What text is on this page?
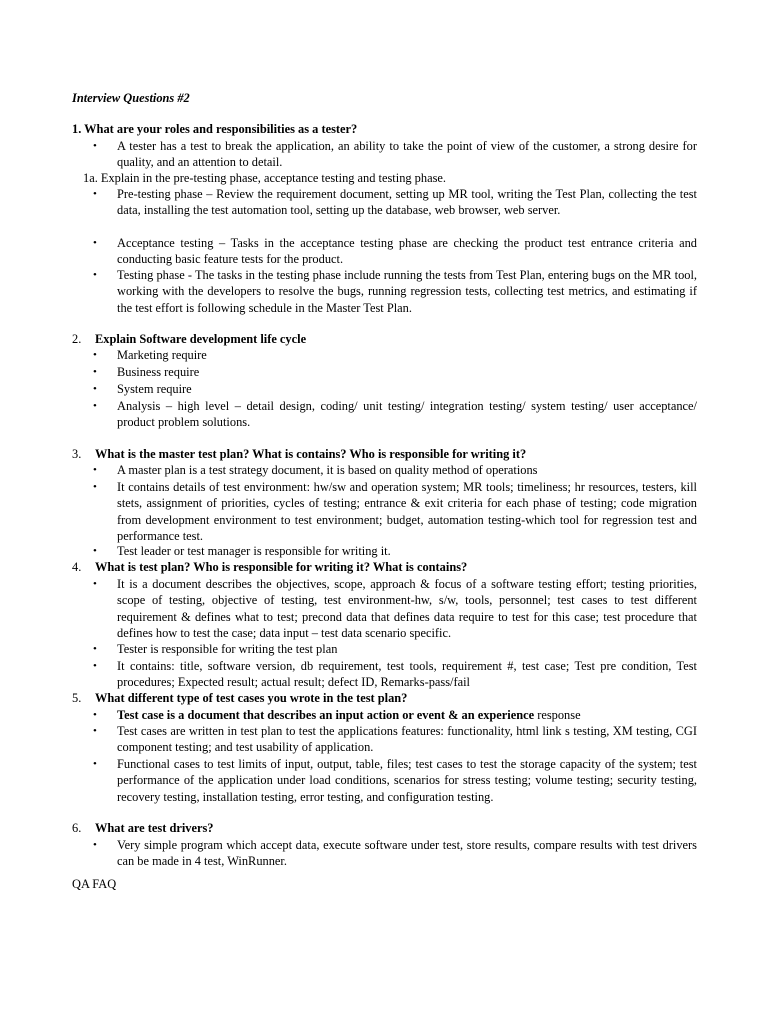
Interview Questions #2
1. What are your roles and responsibilities as a tester?
• A tester has a test to break the application, an ability to take the point of view of the customer, a strong desire for quality, and an attention to detail.
1a. Explain in the pre-testing phase, acceptance testing and testing phase.
• Pre-testing phase – Review the requirement document, setting up MR tool, writing the Test Plan, collecting the test data, installing the test automation tool, setting up the database, web browser, web server.
• Acceptance testing – Tasks in the acceptance testing phase are checking the product test entrance criteria and conducting basic feature tests for the product.
• Testing phase - The tasks in the testing phase include running the tests from Test Plan, entering bugs on the MR tool, working with the developers to resolve the bugs, running regression tests, collecting test metrics, and estimating if the test effort is following schedule in the Master Test Plan.
2. Explain Software development life cycle
• Marketing require
• Business require
• System require
• Analysis – high level – detail design, coding/ unit testing/ integration testing/ system testing/ user acceptance/ product problem solutions.
3. What is the master test plan? What is contains? Who is responsible for writing it?
• A master plan is a test strategy document, it is based on quality method of operations
• It contains details of test environment: hw/sw and operation system; MR tools; timeliness; hr resources, testers, kill stets, assignment of priorities, cycles of testing; entrance & exit criteria for each phase of testing; code migration from development environment to test environment; budget, automation testing-which tool for regression test and performance test.
• Test leader or test manager is responsible for writing it.
4. What is test plan? Who is responsible for writing it? What is contains?
• It is a document describes the objectives, scope, approach & focus of a software testing effort; testing priorities, scope of testing, objective of testing, test environment-hw, s/w, tools, personnel; test cases to test different requirement & defines what to test; precond data that defines data require to test for this case; test procedure that defines how to test the case; data input – test data scenario specific.
• Tester is responsible for writing the test plan
• It contains: title, software version, db requirement, test tools, requirement #, test case; Test pre condition, Test procedures; Expected result; actual result; defect ID, Remarks-pass/fail
5. What different type of test cases you wrote in the test plan?
• Test case is a document that describes an input action or event & an experience response
• Test cases are written in test plan to test the applications features: functionality, html link s testing, XM testing, CGI component testing; and test usability of application.
• Functional cases to test limits of input, output, table, files; test cases to test the storage capacity of the system; test performance of the application under load conditions, scenarios for stress testing; volume testing; security testing, recovery testing, installation testing, error testing, and configuration testing.
6. What are test drivers?
• Very simple program which accept data, execute software under test, store results, compare results with test drivers can be made in 4 test, WinRunner.
QA FAQ
